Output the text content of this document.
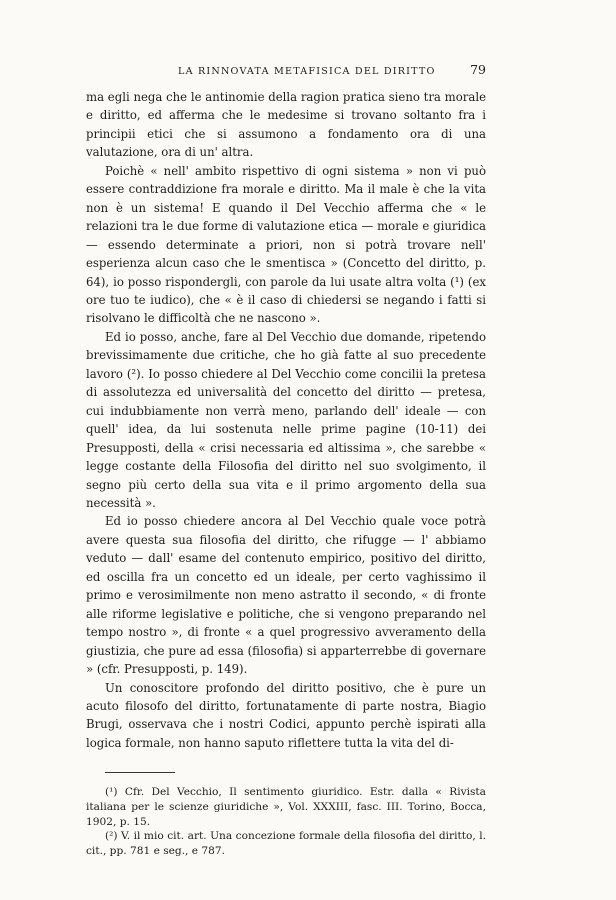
LA RINNOVATA METAFISICA DEL DIRITTO	79

ma egli nega che le antinomie della ragion pratica sieno tra morale e diritto, ed afferma che le medesime si trovano soltanto fra i principii etici che si assumono a fondamento ora di una valutazione, ora di un' altra.

Poichè « nell' ambito rispettivo di ogni sistema » non vi può essere contraddizione fra morale e diritto. Ma il male è che la vita non è un sistema! E quando il Del Vecchio afferma che « le relazioni tra le due forme di valutazione etica — morale e giuridica — essendo determinate a priori, non si potrà trovare nell' esperienza alcun caso che le smentisca » (Concetto del diritto, p. 64), io posso rispondergli, con parole da lui usate altra volta (¹) (ex ore tuo te iudico), che « è il caso di chiedersi se negando i fatti si risolvano le difficoltà che ne nascono ».

Ed io posso, anche, fare al Del Vecchio due domande, ripetendo brevissimamente due critiche, che ho già fatte al suo precedente lavoro (²). Io posso chiedere al Del Vecchio come concilii la pretesa di assolutezza ed universalità del concetto del diritto — pretesa, cui indubbiamente non verrà meno, parlando dell' ideale — con quell' idea, da lui sostenuta nelle prime pagine (10-11) dei Presupposti, della « crisi necessaria ed altissima », che sarebbe « legge costante della Filosofia del diritto nel suo svolgimento, il segno più certo della sua vita e il primo argomento della sua necessità ».

Ed io posso chiedere ancora al Del Vecchio quale voce potrà avere questa sua filosofia del diritto, che rifugge — l' abbiamo veduto — dall' esame del contenuto empirico, positivo del diritto, ed oscilla fra un concetto ed un ideale, per certo vaghissimo il primo e verosimilmente non meno astratto il secondo, « di fronte alle riforme legislative e politiche, che si vengono preparando nel tempo nostro », di fronte « a quel progressivo avveramento della giustizia, che pure ad essa (filosofia) si apparterrebbe di governare » (cfr. Presupposti, p. 149).

Un conoscitore profondo del diritto positivo, che è pure un acuto filosofo del diritto, fortunatamente di parte nostra, Biagio Brugi, osservava che i nostri Codici, appunto perchè ispirati alla logica formale, non hanno saputo riflettere tutta la vita del di-

(¹) Cfr. Del Vecchio, Il sentimento giuridico. Estr. dalla « Rivista italiana per le scienze giuridiche », Vol. XXXIII, fasc. III. Torino, Bocca, 1902, p. 15.

(²) V. il mio cit. art. Una concezione formale della filosofia del diritto, l. cit., pp. 781 e seg., e 787.
